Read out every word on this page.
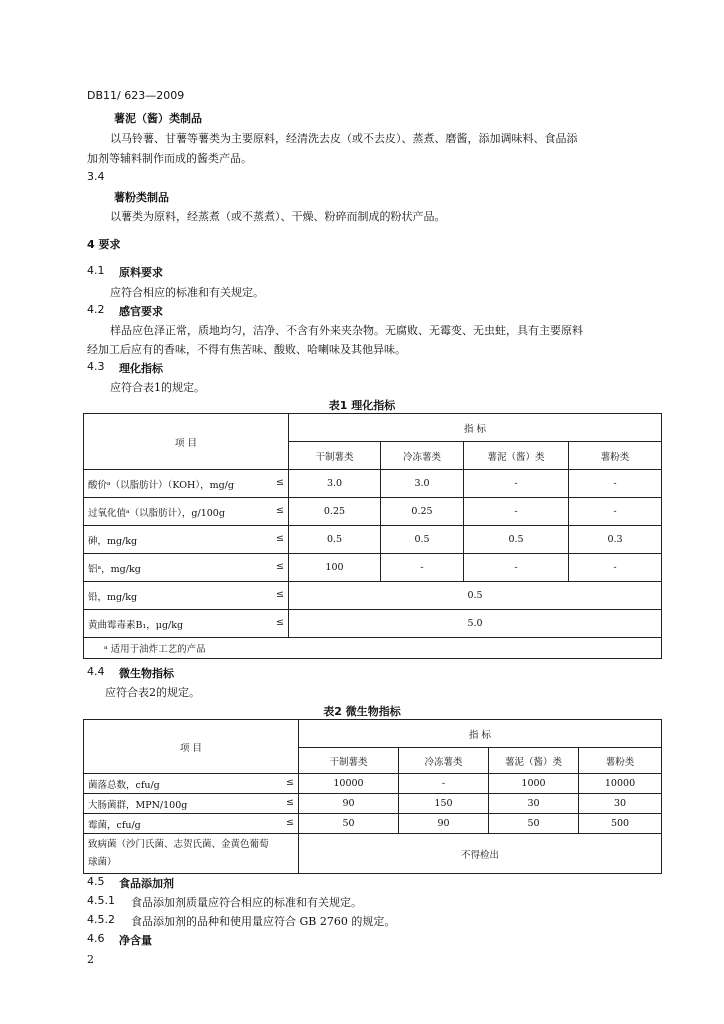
DB11/ 623—2009
薯泥（酱）类制品
以马铃薯、甘薯等薯类为主要原料，经清洗去皮（或不去皮）、蒸煮、磨酱，添加调味料、食品添
加剂等辅料制作而成的酱类产品。
3.4
薯粉类制品
以薯类为原料，经蒸煮（或不蒸煮）、干燥、粉碎而制成的粉状产品。
4 要求
4.1 原料要求
应符合相应的标准和有关规定。
4.2 感官要求
样品应色泽正常，质地均匀，洁净、不含有外来夹杂物。无腐败、无霉变、无虫蛀，具有主要原料
经加工后应有的香味，不得有焦苦味、酸败、哈喇味及其他异味。
4.3 理化指标
应符合表1的规定。
表1 理化指标
项 目	指 标			
	干制薯类	冷冻薯类	薯泥（酱）类	薯粉类
酸价ᵃ（以脂肪计）（KOH），mg/g ≤	3.0	3.0	-	-
过氧化值ᵃ（以脂肪计），g/100g ≤	0.25	0.25	-	-
砷，mg/kg ≤	0.5	0.5	0.5	0.3
铝ᵃ，mg/kg ≤	100	-	-	-
铅，mg/kg ≤	0.5			
黄曲霉毒素B₁，μg/kg ≤	5.0			
ᵃ 适用于油炸工艺的产品				
4.4 微生物指标
应符合表2的规定。
表2 微生物指标
项 目	指 标			
	干制薯类	冷冻薯类	薯泥（酱）类	薯粉类
菌落总数，cfu/g ≤	10000	-	1000	10000
大肠菌群，MPN/100g ≤	90	150	30	30
霉菌，cfu/g ≤	50	90	50	500

致病菌（沙门氏菌、志贺氏菌、金黄色葡萄
球菌）	不得检出			
4.5 食品添加剂
4.5.1 食品添加剂质量应符合相应的标准和有关规定。
4.5.2 食品添加剂的品种和使用量应符合 GB 2760 的规定。
4.6 净含量
2
